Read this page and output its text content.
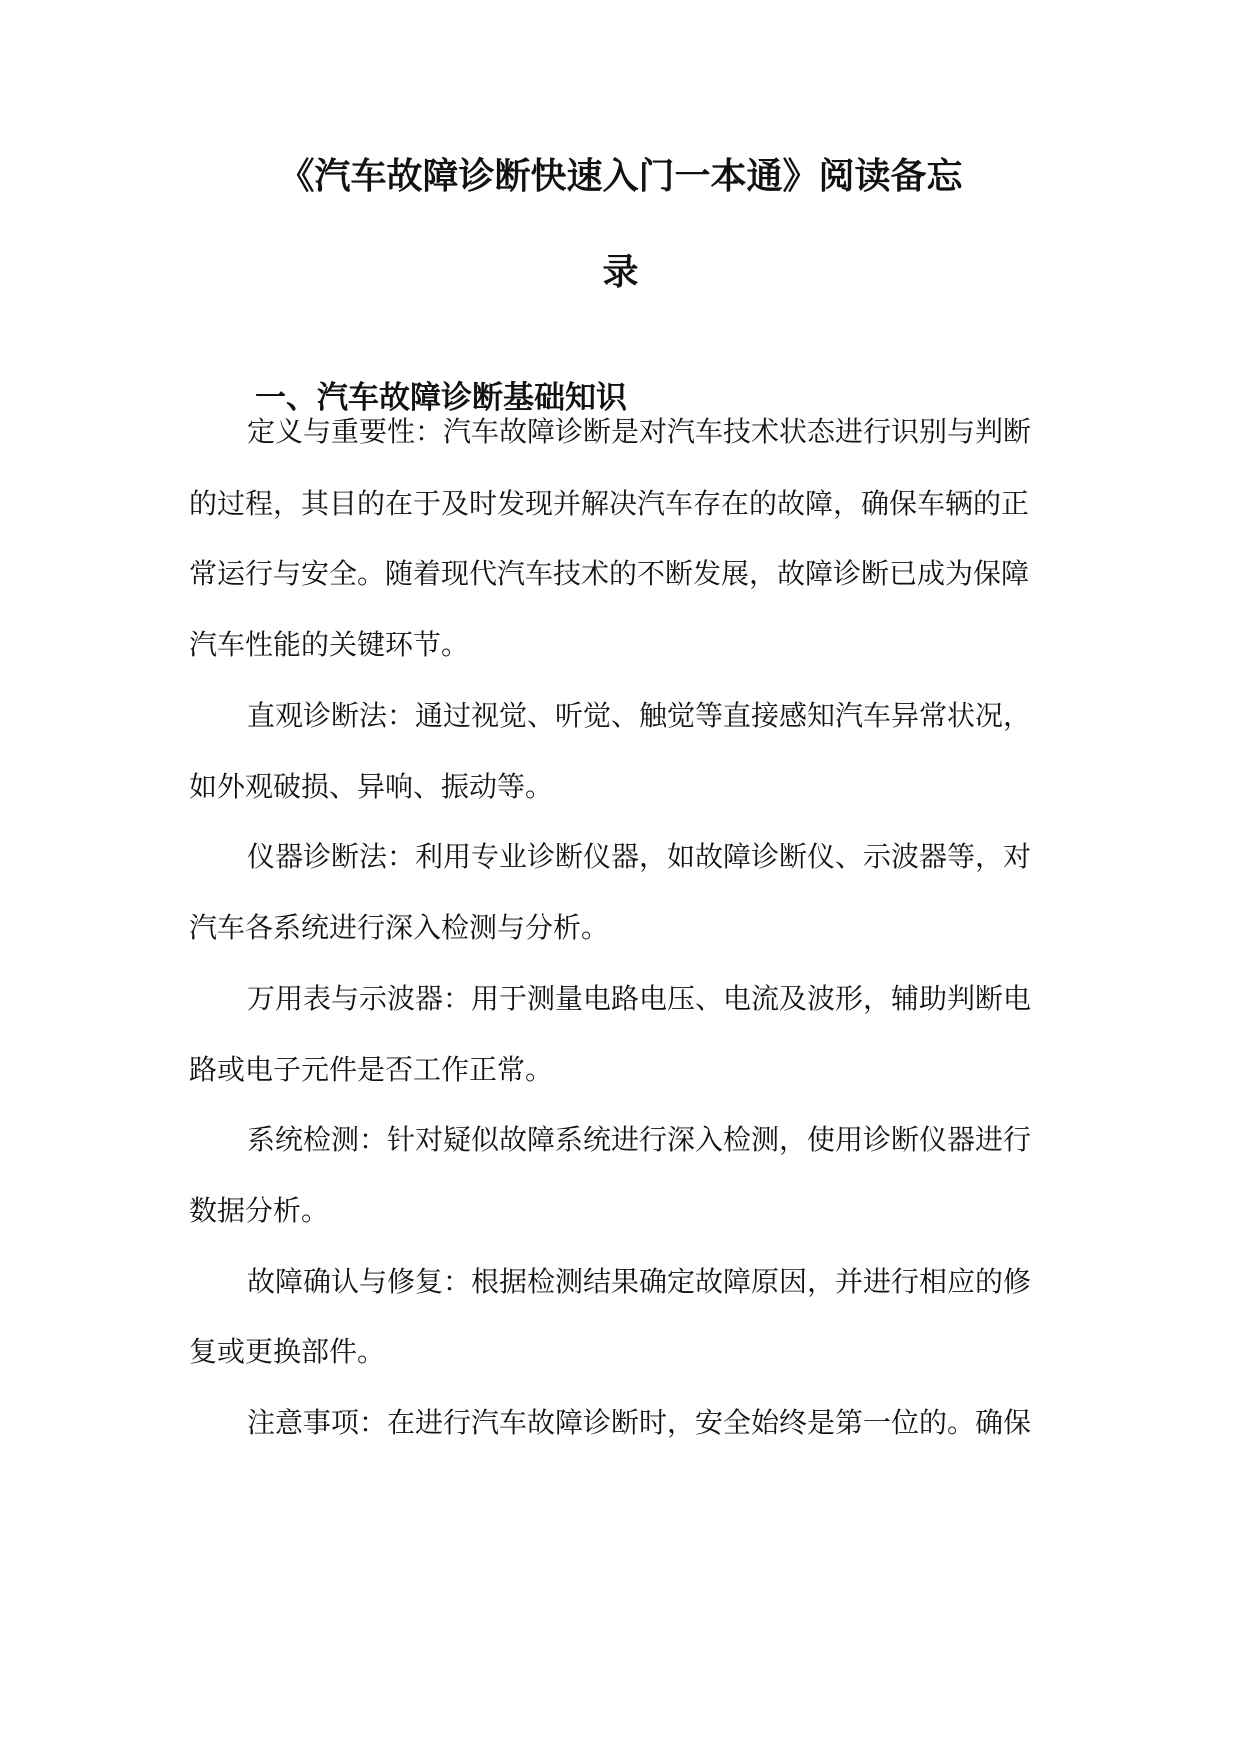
《汽车故障诊断快速入门一本通》阅读备忘
录
一、汽车故障诊断基础知识
定义与重要性：汽车故障诊断是对汽车技术状态进行识别与判断
的过程，其目的在于及时发现并解决汽车存在的故障，确保车辆的正
常运行与安全。随着现代汽车技术的不断发展，故障诊断已成为保障
汽车性能的关键环节。
直观诊断法：通过视觉、听觉、触觉等直接感知汽车异常状况，
如外观破损、异响、振动等。
仪器诊断法：利用专业诊断仪器，如故障诊断仪、示波器等，对
汽车各系统进行深入检测与分析。
万用表与示波器：用于测量电路电压、电流及波形，辅助判断电
路或电子元件是否工作正常。
系统检测：针对疑似故障系统进行深入检测，使用诊断仪器进行
数据分析。
故障确认与修复：根据检测结果确定故障原因，并进行相应的修
复或更换部件。
注意事项：在进行汽车故障诊断时，安全始终是第一位的。确保
